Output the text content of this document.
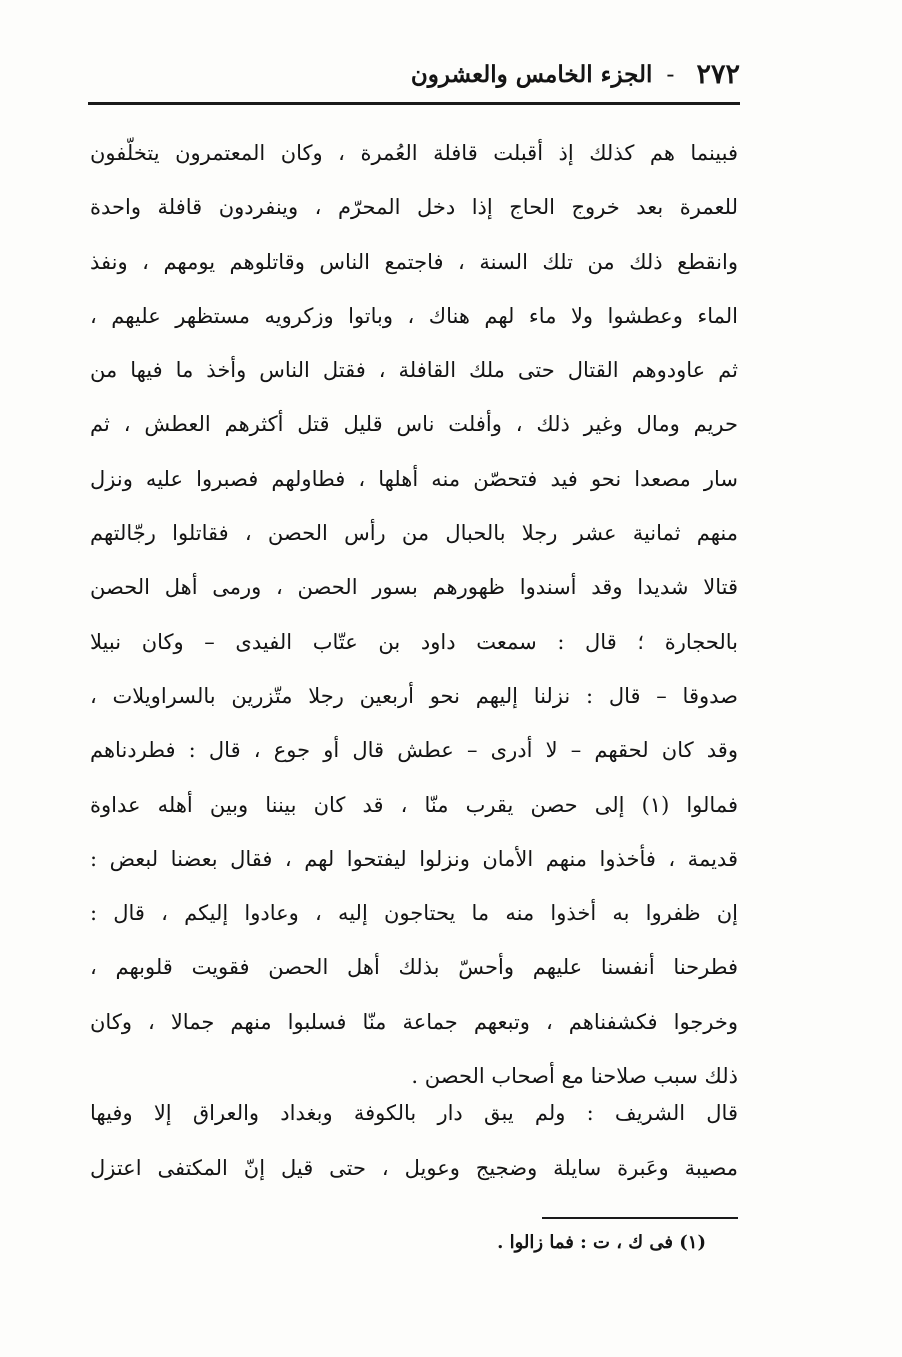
٢٧٢
-
الجزء الخامس والعشرون
فبينما هم كذلك إذ أقبلت قافلة العُمرة ، وكان المعتمرون يتخلّفون
للعمرة بعد خروج الحاج إذا دخل المحرّم ، وينفردون قافلة واحدة
وانقطع ذلك من تلك السنة ، فاجتمع الناس وقاتلوهم يومهم ، ونفذ
الماء وعطشوا ولا ماء لهم هناك ، وباتوا وزكرويه مستظهر عليهم ،
ثم عاودوهم القتال حتى ملك القافلة ، فقتل الناس وأخذ ما فيها من
حريم ومال وغير ذلك ، وأفلت ناس قليل قتل أكثرهم العطش ، ثم
سار مصعدا نحو فيد فتحصّن منه أهلها ، فطاولهم فصبروا عليه ونزل
منهم ثمانية عشر رجلا بالحبال من رأس الحصن ، فقاتلوا رجّالتهم
قتالا شديدا وقد أسندوا ظهورهم بسور الحصن ، ورمى أهل الحصن
بالحجارة ؛ قال : سمعت داود بن عتّاب الفيدى – وكان نبيلا
صدوقا – قال : نزلنا إليهم نحو أربعين رجلا متّزرين بالسراويلات ،
وقد كان لحقهم – لا أدرى – عطش قال أو جوع ، قال : فطردناهم
فمالوا (١) إلى حصن يقرب منّا ، قد كان بيننا وبين أهله عداوة
قديمة ، فأخذوا منهم الأمان ونزلوا ليفتحوا لهم ، فقال بعضنا لبعض :
إن ظفروا به أخذوا منه ما يحتاجون إليه ، وعادوا إليكم ، قال :
فطرحنا أنفسنا عليهم وأحسّ بذلك أهل الحصن فقويت قلوبهم ،
وخرجوا فكشفناهم ، وتبعهم جماعة منّا فسلبوا منهم جمالا ، وكان
ذلك سبب صلاحنا مع أصحاب الحصن .
قال الشريف : ولم يبق دار بالكوفة وبغداد والعراق إلا وفيها
مصيبة وعَبرة سايلة وضجيج وعويل ، حتى قيل إنّ المكتفى اعتزل
(١) فى ك ، ت : فما زالوا .
